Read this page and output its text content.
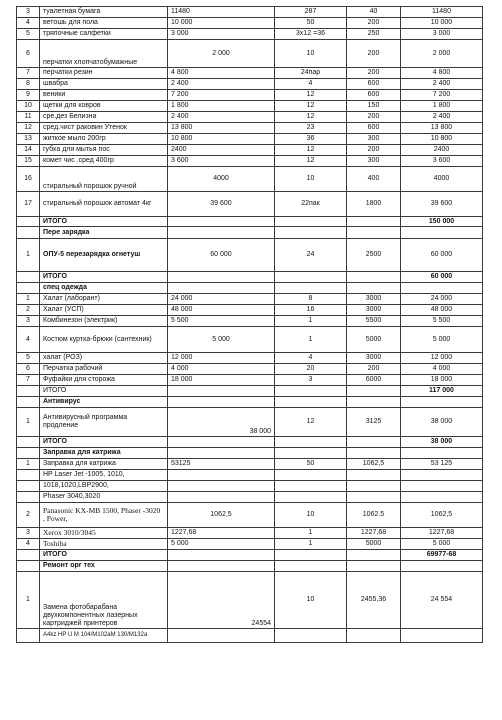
3	туалетная бумага	11480	287	40	11480
4	ветошь для пола	10 000	50	200	10 000
5	тряпочные салфетки	3 000	3х12 =36	250	3 000
6	перчатки хлопчатобумажные	2 000	10	200	2 000
7	перчатки резин	4 800	24пар	200	4 800
8	швабра	2 400	4	600	2 400
9	веники	7 200	12	600	7 200
10	щетки для ковров	1 800	12	150	1 800
11	сре.дез Белизна	2 400	12	200	2 400
12	сред.чист раковин Утенок	13 800	23	600	13 800
13	житкое мыло 200гр	10 800	36	300	10 800
14	губка для мытья пос	2400	12	200	2400
15	комет чис .сред 400гр	3 600	12	300	3 600
16	стиральный порошок ручной	4000	10	400	4000
17	стиральный порошок автомат 4кг	39 600	22пак	1800	39 600
	ИТОГО				150 000
	Пере зарядка				
1	ОПУ-5 перезарядка огнетуш	60 000	24	2500	60 000
	ИТОГО				60 000
	спец одежда				
1	Халат (лаборант)	24 000	8	3000	24 000
2	Халат (УСП)	48 000	16	3000	48 000
3	Комбинезон (электрик)	5 500	1	5500	5 500
4	Костюм куртка-брюки (сантехник)	5 000	1	5000	5 000
5	халат (РОЗ)	12 000	4	3000	12 000
6	Перчатка рабочий	4 000	20	200	4 000
7	Фуфайки для сторожа	18 000	3	6000	18 000
	ИТОГО				117 000
	Антивирус				
1	Антивирусный программа продление	38 000	12	3125	38 000
	ИТОГО				38 000
	Заправка для катрижа				
1	Заправка для катрижа	53125	50	1062,5	53 125
	HP Laser Jet -1005, 1010,				
	1018,1020,LBP2900,				
	Phaser 3040,3020				
2	Panasonic KX-MB 1500, Phaser -3020 , Power,	1062,5	10	1062.5	1062,5
3	Xerox 3010/3045	1227,68	1	1227,68	1227,68
4	Toshiba	5 000	1	5000	5 000
	ИТОГО				69977-68
	Ремонт орг тех				
1	Замена фотобарабана двухкомпонентных лазерных картриджей принтеров	24554	10	2455,36	24 554
	A4kz HP U M 104/M102aM 130/M132a				
